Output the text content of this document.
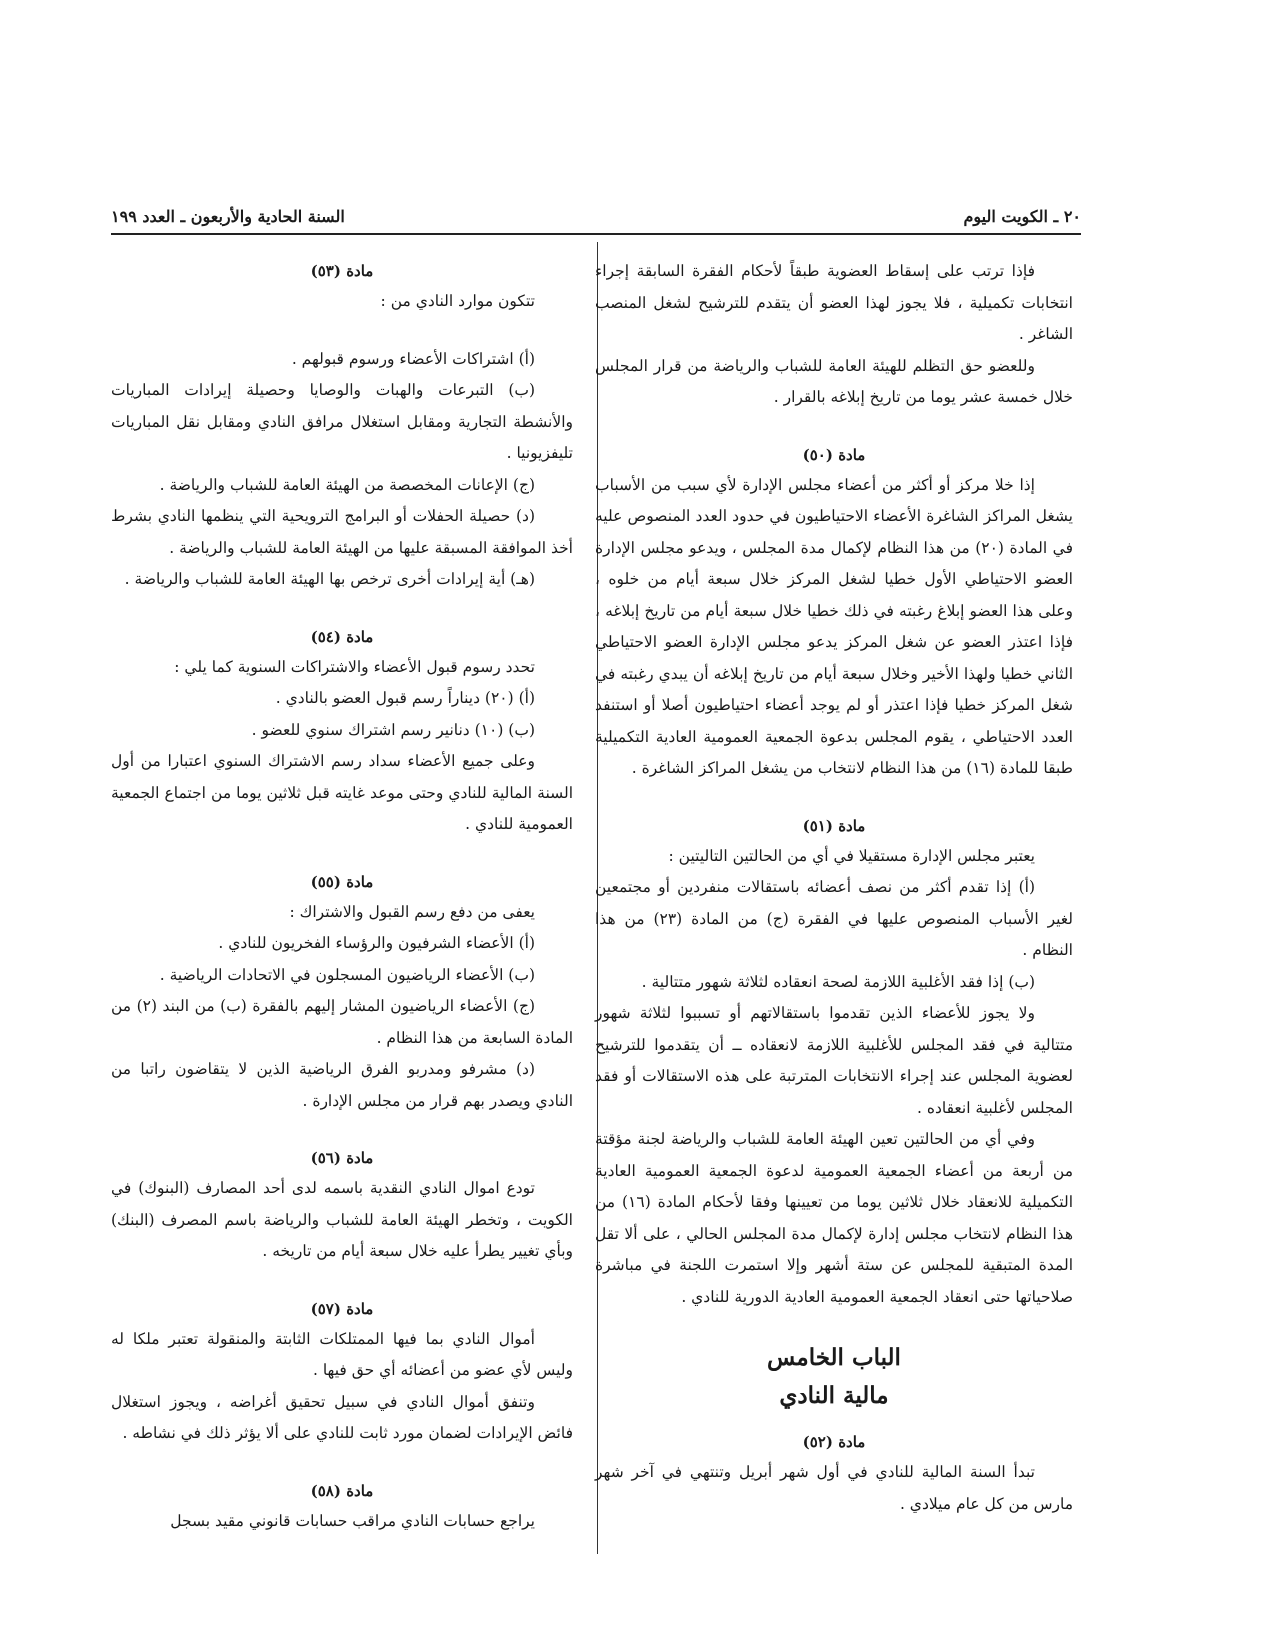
٢٠ ـ الكويت اليوم
السنة الحادية والأربعون ـ العدد ١٩٩

فإذا ترتب على إسقاط العضوية طبقاً لأحكام الفقرة السابقة إجراء انتخابات تكميلية ، فلا يجوز لهذا العضو أن يتقدم للترشيح لشغل المنصب الشاغر .

وللعضو حق التظلم للهيئة العامة للشباب والرياضة من قرار المجلس خلال خمسة عشر يوما من تاريخ إبلاغه بالقرار .

مادة (٥٠)

إذا خلا مركز أو أكثر من أعضاء مجلس الإدارة لأي سبب من الأسباب يشغل المراكز الشاغرة الأعضاء الاحتياطيون في حدود العدد المنصوص عليه في المادة (٢٠) من هذا النظام لإكمال مدة المجلس ، ويدعو مجلس الإدارة العضو الاحتياطي الأول خطيا لشغل المركز خلال سبعة أيام من خلوه ، وعلى هذا العضو إبلاغ رغبته في ذلك خطيا خلال سبعة أيام من تاريخ إبلاغه ، فإذا اعتذر العضو عن شغل المركز يدعو مجلس الإدارة العضو الاحتياطي الثاني خطيا ولهذا الأخير وخلال سبعة أيام من تاريخ إبلاغه أن يبدي رغبته في شغل المركز خطيا فإذا اعتذر أو لم يوجد أعضاء احتياطيون أصلا أو استنفد العدد الاحتياطي ، يقوم المجلس بدعوة الجمعية العمومية العادية التكميلية طبقا للمادة (١٦) من هذا النظام لانتخاب من يشغل المراكز الشاغرة .

مادة (٥١)

يعتبر مجلس الإدارة مستقيلا في أي من الحالتين التاليتين :

(أ) إذا تقدم أكثر من نصف أعضائه باستقالات منفردين أو مجتمعين لغير الأسباب المنصوص عليها في الفقرة (ج) من المادة (٢٣) من هذا النظام .

(ب) إذا فقد الأغلبية اللازمة لصحة انعقاده لثلاثة شهور متتالية .

ولا يجوز للأعضاء الذين تقدموا باستقالاتهم أو تسببوا لثلاثة شهور متتالية في فقد المجلس للأغلبية اللازمة لانعقاده ــ أن يتقدموا للترشيح لعضوية المجلس عند إجراء الانتخابات المترتبة على هذه الاستقالات أو فقد المجلس لأغلبية انعقاده .

وفي أي من الحالتين تعين الهيئة العامة للشباب والرياضة لجنة مؤقتة من أربعة من أعضاء الجمعية العمومية لدعوة الجمعية العمومية العادية التكميلية للانعقاد خلال ثلاثين يوما من تعيينها وفقا لأحكام المادة (١٦) من هذا النظام لانتخاب مجلس إدارة لإكمال مدة المجلس الحالي ، على ألا تقل المدة المتبقية للمجلس عن ستة أشهر وإلا استمرت اللجنة في مباشرة صلاحياتها حتى انعقاد الجمعية العمومية العادية الدورية للنادي .

الباب الخامس

مالية النادي

مادة (٥٢)

تبدأ السنة المالية للنادي في أول شهر أبريل وتنتهي في آخر شهر مارس من كل عام ميلادي .

مادة (٥٣)

تتكون موارد النادي من :

(أ) اشتراكات الأعضاء ورسوم قبولهم .

(ب) التبرعات والهبات والوصايا وحصيلة إيرادات المباريات والأنشطة التجارية ومقابل استغلال مرافق النادي ومقابل نقل المباريات تليفزيونيا .

(ج) الإعانات المخصصة من الهيئة العامة للشباب والرياضة .

(د) حصيلة الحفلات أو البرامج الترويحية التي ينظمها النادي بشرط أخذ الموافقة المسبقة عليها من الهيئة العامة للشباب والرياضة .

(هـ) أية إيرادات أخرى ترخص بها الهيئة العامة للشباب والرياضة .

مادة (٥٤)

تحدد رسوم قبول الأعضاء والاشتراكات السنوية كما يلي :

(أ) (٢٠) ديناراً رسم قبول العضو بالنادي .

(ب) (١٠) دنانير رسم اشتراك سنوي للعضو .

وعلى جميع الأعضاء سداد رسم الاشتراك السنوي اعتبارا من أول السنة المالية للنادي وحتى موعد غايته قبل ثلاثين يوما من اجتماع الجمعية العمومية للنادي .

مادة (٥٥)

يعفى من دفع رسم القبول والاشتراك :

(أ) الأعضاء الشرفيون والرؤساء الفخريون للنادي .

(ب) الأعضاء الرياضيون المسجلون في الاتحادات الرياضية .

(ج) الأعضاء الرياضيون المشار إليهم بالفقرة (ب) من البند (٢) من المادة السابعة من هذا النظام .

(د) مشرفو ومدربو الفرق الرياضية الذين لا يتقاضون راتبا من النادي ويصدر بهم قرار من مجلس الإدارة .

مادة (٥٦)

تودع اموال النادي النقدية باسمه لدى أحد المصارف (البنوك) في الكويت ، وتخطر الهيئة العامة للشباب والرياضة باسم المصرف (البنك) وبأي تغيير يطرأ عليه خلال سبعة أيام من تاريخه .

مادة (٥٧)

أموال النادي بما فيها الممتلكات الثابتة والمنقولة تعتبر ملكا له وليس لأي عضو من أعضائه أي حق فيها .

وتنفق أموال النادي في سبيل تحقيق أغراضه ، ويجوز استغلال فائض الإيرادات لضمان مورد ثابت للنادي على ألا يؤثر ذلك في نشاطه .

مادة (٥٨)

يراجع حسابات النادي مراقب حسابات قانوني مقيد بسجل
